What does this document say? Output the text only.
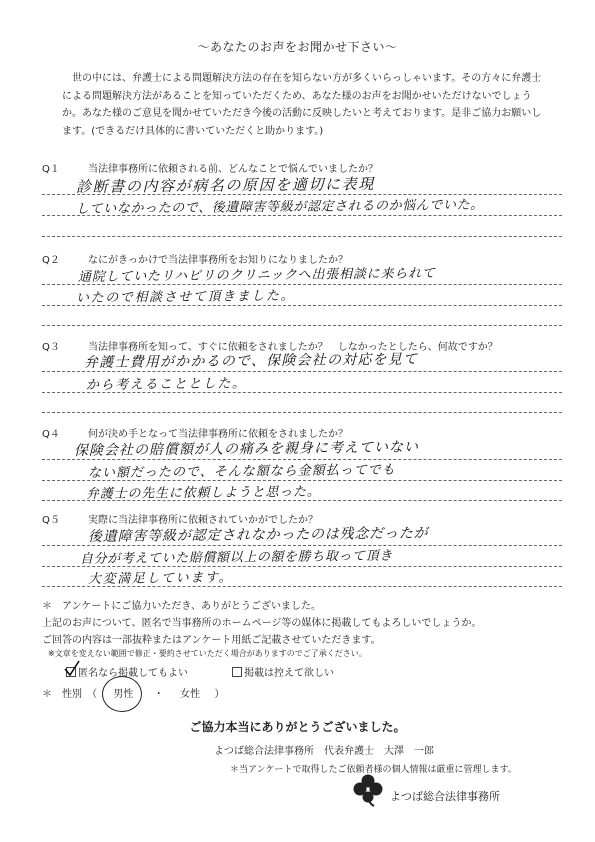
～あなたのお声をお聞かせ下さい～

世の中には、弁護士による問題解決方法の存在を知らない方が多くいらっしゃいます。その方々に弁護士

による問題解決方法があることを知っていただくため、あなた様のお声をお聞かせいただけないでしょう

か。あなた様のご意見を聞かせていただき今後の活動に反映したいと考えております。是非ご協力お願いし

ます。(できるだけ具体的に書いていただくと助かります。)

Q１	当法律事務所に依頼される前、どんなことで悩んでいましたか？
診断書の内容が病名の原因を適切に表現
していなかったので、後遺障害等級が認定されるのか悩んでいた。
Q２	なにがきっかけで当法律事務所をお知りになりましたか？
通院していたリハビリのクリニックへ出張相談に来られて
いたので相談させて頂きました。
Q３	当法律事務所を知って、すぐに依頼をされましたか？　しなかったとしたら、何故ですか？
弁護士費用がかかるので、保険会社の対応を見て
から考えることとした。
Q４	何が決め手となって当法律事務所に依頼をされましたか？
保険会社の賠償額が人の痛みを親身に考えていない
ない額だったので、そんな額なら金額払ってでも
弁護士の先生に依頼しようと思った。
Q５	実際に当法律事務所に依頼されていかがでしたか？
後遺障害等級が認定されなかったのは残念だったが
自分が考えていた賠償額以上の額を勝ち取って頂き
大変満足しています。
＊　アンケートにご協力いただき、ありがとうございました。
上記のお声について、匿名で当事務所のホームページ等の媒体に掲載してもよろしいでしょうか。
ご回答の内容は一部抜粋またはアンケート用紙ご記載させていただきます。
※文章を変えない範囲で修正・要約させていただく場合がありますのでご了承ください。
匿名なら掲載してもよい	掲載は控えて欲しい
＊　性別　（ 男性 ・ 女性 ）
ご協力本当にありがとうございました。
よつば総合法律事務所　代表弁護士　大澤　一郎
＊当アンケートで取得したご依頼者様の個人情報は厳重に管理します。
よつば総合法律事務所
